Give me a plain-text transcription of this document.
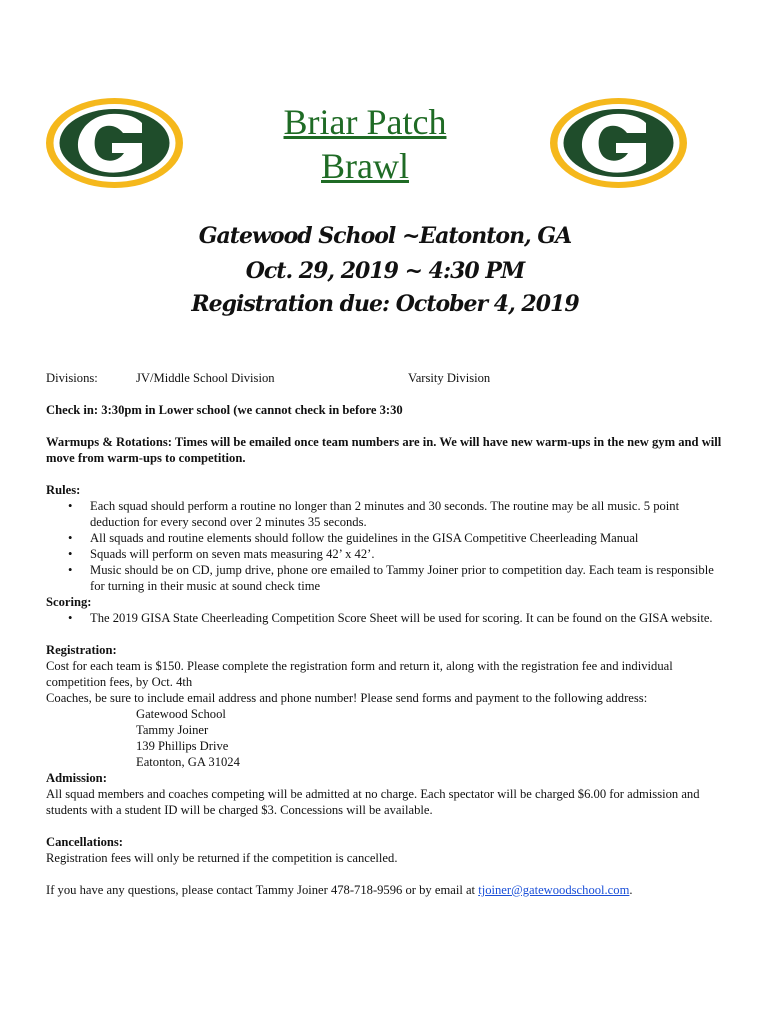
Briar Patch
Brawl
Gatewood School ~Eatonton, GA
Oct. 29, 2019 ~ 4:30 PM
Registration due: October 4, 2019
Divisions:	JV/Middle School Division	Varsity Division

Check in: 3:30pm in Lower school (we cannot check in before 3:30

Warmups & Rotations: Times will be emailed once team numbers are in. We will have new warm-ups in the new gym and will move from warm-ups to competition.

Rules:

•	Each squad should perform a routine no longer than 2 minutes and 30 seconds. The routine may be all music. 5 point deduction for every second over 2 minutes 35 seconds.
•	All squads and routine elements should follow the guidelines in the GISA Competitive Cheerleading Manual
•	Squads will perform on seven mats measuring 42’ x 42’.
•	Music should be on CD, jump drive, phone ore emailed to Tammy Joiner prior to competition day. Each team is responsible for turning in their music at sound check time

Scoring:

•	The 2019 GISA State Cheerleading Competition Score Sheet will be used for scoring. It can be found on the GISA website.

Registration:

Cost for each team is $150. Please complete the registration form and return it, along with the registration fee and individual competition fees, by Oct. 4th

Coaches, be sure to include email address and phone number! Please send forms and payment to the following address:

Gatewood School
Tammy Joiner
139 Phillips Drive
Eatonton, GA 31024

Admission:

All squad members and coaches competing will be admitted at no charge. Each spectator will be charged $6.00 for admission and students with a student ID will be charged $3. Concessions will be available.

Cancellations:

Registration fees will only be returned if the competition is cancelled.

If you have any questions, please contact Tammy Joiner 478-718-9596 or by email at tjoiner@gatewoodschool.com.
